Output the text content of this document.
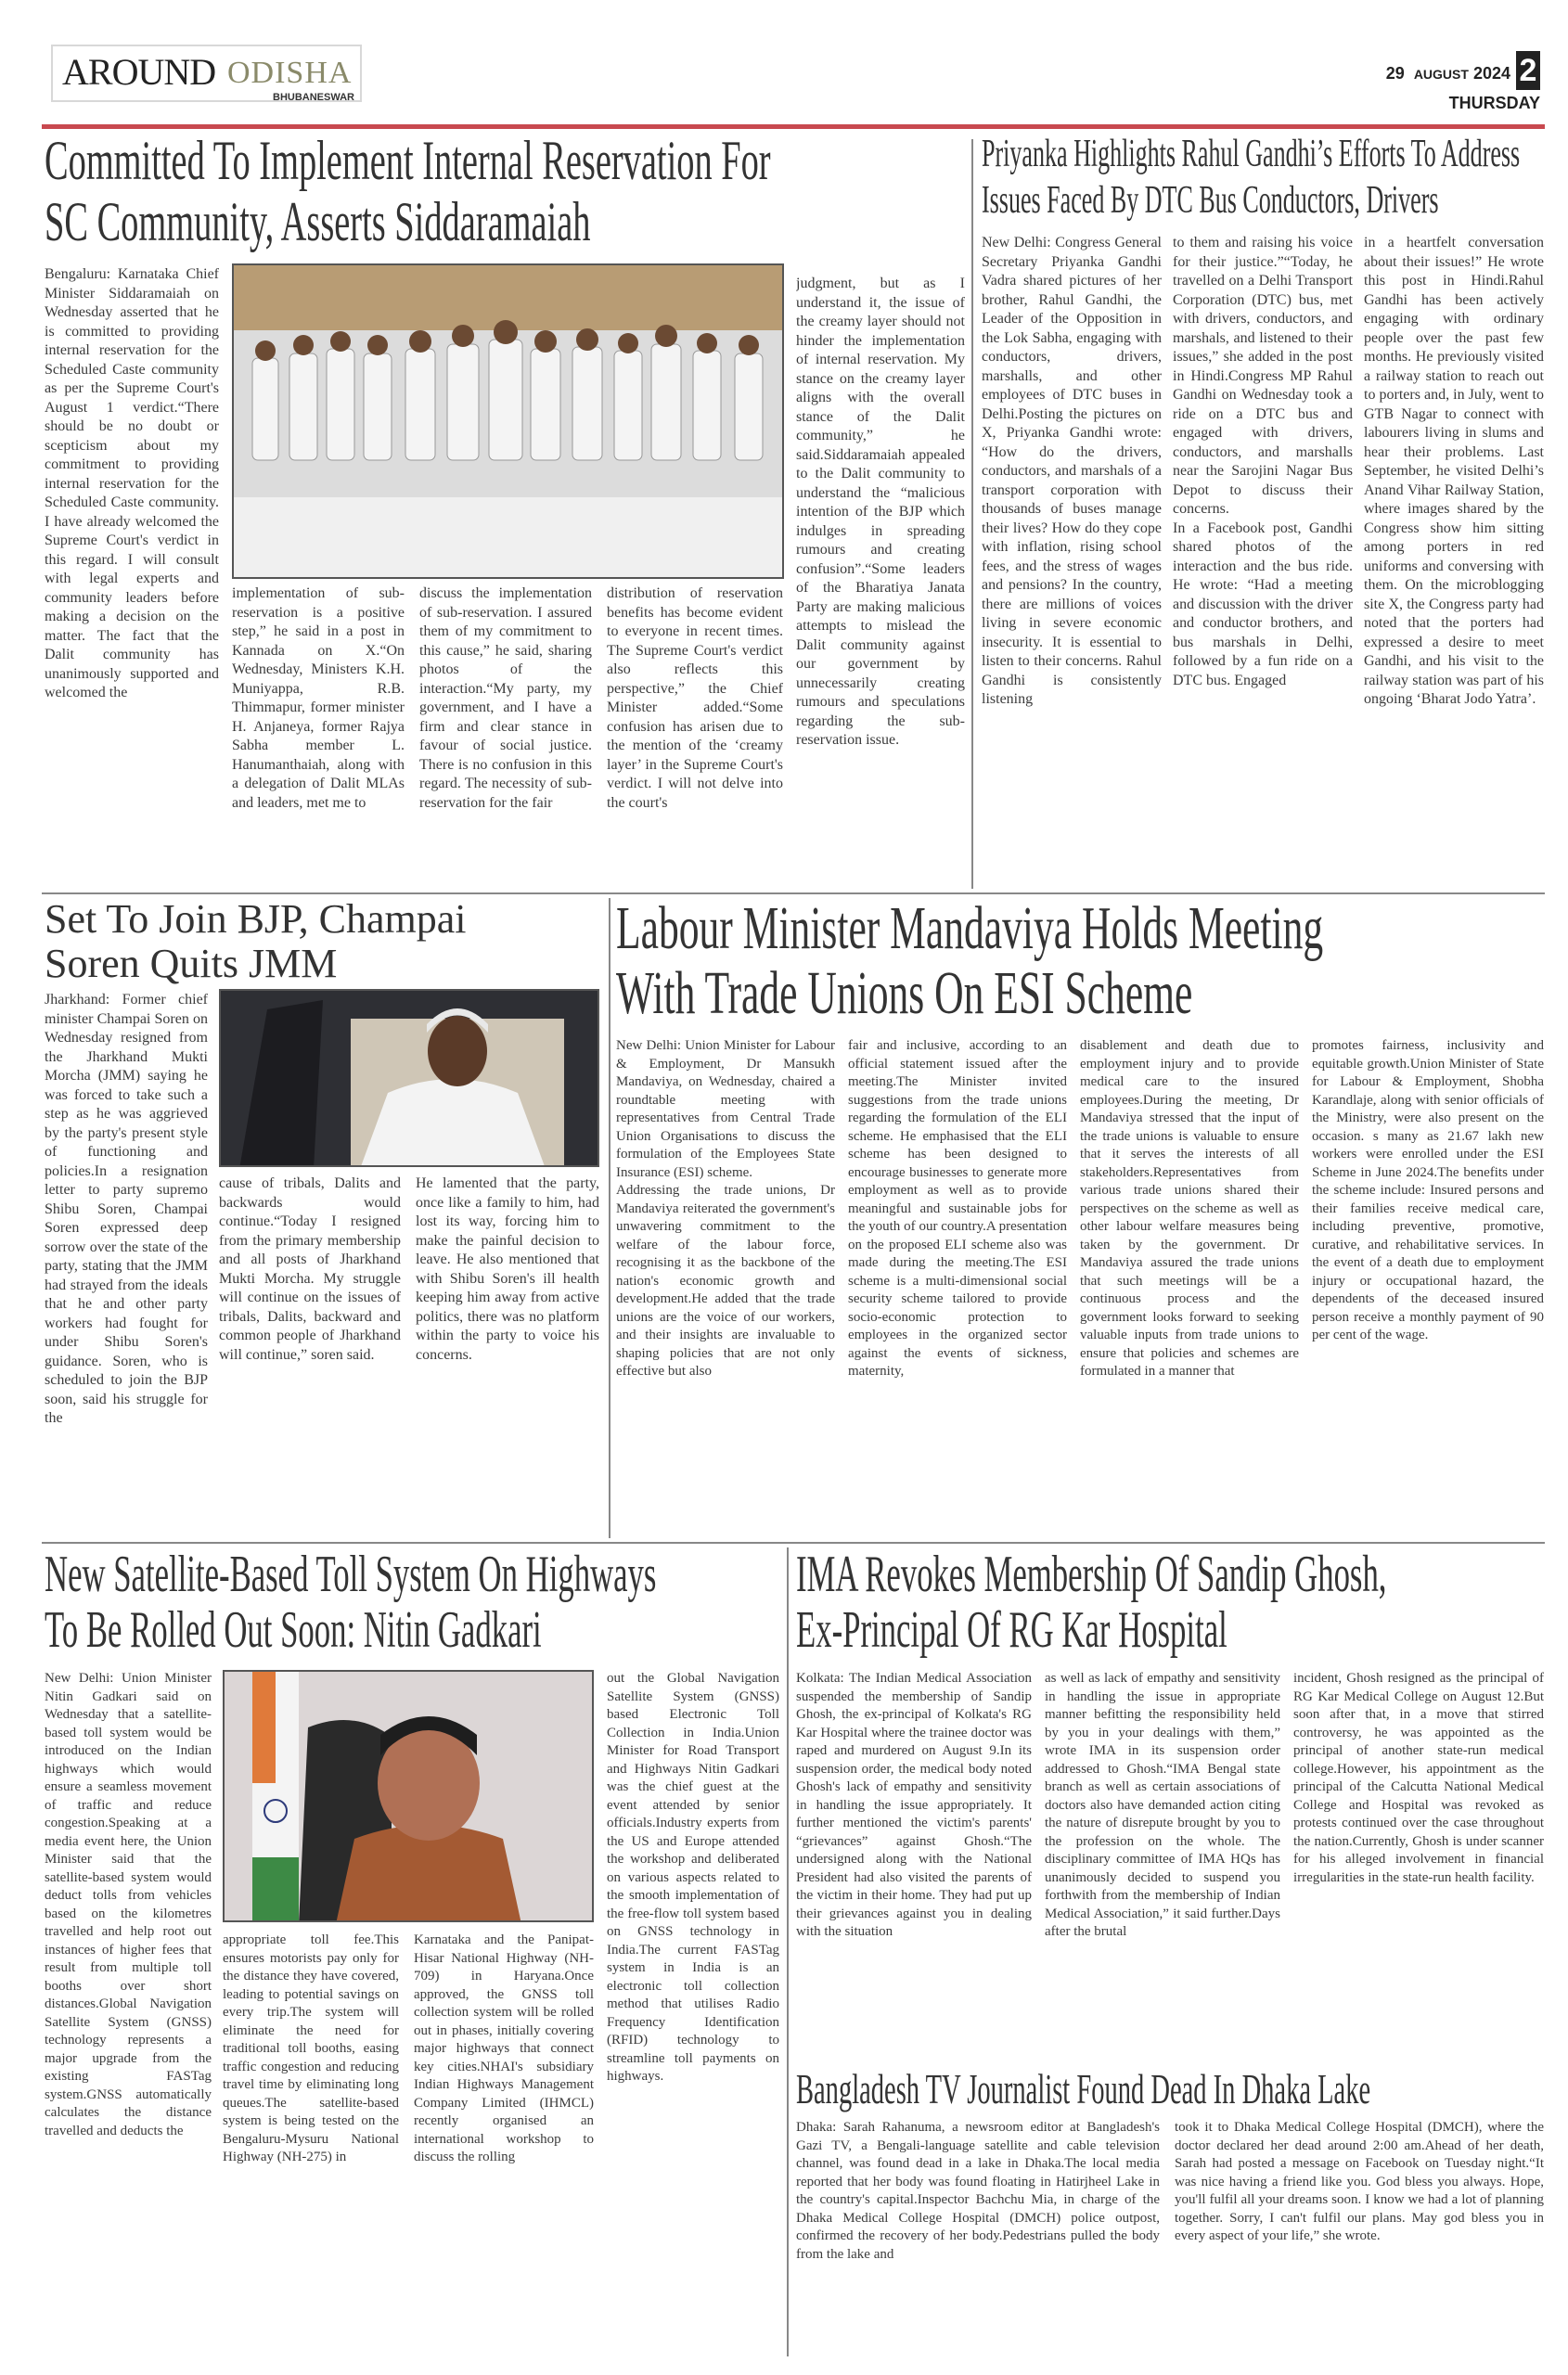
AROUND ODISHA
BHUBANESWAR
29 AUGUST 2024 2
THURSDAY
Committed To Implement Internal Reservation For
SC Community, Asserts Siddaramaiah
Bengaluru: Karnataka Chief Minister Siddaramaiah on Wednesday asserted that he is committed to providing internal reservation for the Scheduled Caste community as per the Supreme Court's August 1 verdict.“There should be no doubt or scepticism about my commitment to providing internal reservation for the Scheduled Caste community. I have already welcomed the Supreme Court's verdict in this regard. I will consult with legal experts and community leaders before making a decision on the matter. The fact that the Dalit community has unanimously supported and welcomed the
implementation of sub-reservation is a positive step,” he said in a post in Kannada on X.“On Wednesday, Ministers K.H. Muniyappa, R.B. Thimmapur, former minister H. Anjaneya, former Rajya Sabha member L. Hanumanthaiah, along with a delegation of Dalit MLAs and leaders, met me to
discuss the implementation of sub-reservation. I assured them of my commitment to this cause,” he said, sharing photos of the interaction.“My party, my government, and I have a firm and clear stance in favour of social justice. There is no confusion in this regard. The necessity of sub-reservation for the fair
distribution of reservation benefits has become evident to everyone in recent times. The Supreme Court's verdict also reflects this perspective,” the Chief Minister added.“Some confusion has arisen due to the mention of the ‘creamy layer’ in the Supreme Court's verdict. I will not delve into the court's
judgment, but as I understand it, the issue of the creamy layer should not hinder the implementation of internal reservation. My stance on the creamy layer aligns with the overall stance of the Dalit community,” he said.Siddaramaiah appealed to the Dalit community to understand the “malicious intention of the BJP which indulges in spreading rumours and creating confusion”.“Some leaders of the Bharatiya Janata Party are making malicious attempts to mislead the Dalit community against our government by unnecessarily creating rumours and speculations regarding the sub-reservation issue.
Priyanka Highlights Rahul Gandhi’s Efforts To Address
Issues Faced By DTC Bus Conductors, Drivers
New Delhi: Congress General Secretary Priyanka Gandhi Vadra shared pictures of her brother, Rahul Gandhi, the Leader of the Opposition in the Lok Sabha, engaging with conductors, drivers, marshalls, and other employees of DTC buses in Delhi.Posting the pictures on X, Priyanka Gandhi wrote: “How do the drivers, conductors, and marshals of a transport corporation with thousands of buses manage their lives? How do they cope with inflation, rising school fees, and the stress of wages and pensions? In the country, there are millions of voices living in severe economic insecurity. It is essential to listen to their concerns. Rahul Gandhi is consistently listening
to them and raising his voice for their justice.”“Today, he travelled on a Delhi Transport Corporation (DTC) bus, met with drivers, conductors, and marshals, and listened to their issues,” she added in the post in Hindi.Congress MP Rahul Gandhi on Wednesday took a ride on a DTC bus and engaged with drivers, conductors, and marshalls near the Sarojini Nagar Bus Depot to discuss their concerns.
In a Facebook post, Gandhi shared photos of the interaction and the bus ride. He wrote: “Had a meeting and discussion with the driver and conductor brothers, and bus marshals in Delhi, followed by a fun ride on a DTC bus. Engaged
in a heartfelt conversation about their issues!” He wrote this post in Hindi.Rahul Gandhi has been actively engaging with ordinary people over the past few months. He previously visited a railway station to reach out to porters and, in July, went to GTB Nagar to connect with labourers living in slums and hear their problems. Last September, he visited Delhi’s Anand Vihar Railway Station, where images shared by the Congress show him sitting among porters in red uniforms and conversing with them. On the microblogging site X, the Congress party had noted that the porters had expressed a desire to meet Gandhi, and his visit to the railway station was part of his ongoing ‘Bharat Jodo Yatra’.
Set To Join BJP, Champai
Soren Quits JMM
Jharkhand: Former chief minister Champai Soren on Wednesday resigned from the Jharkhand Mukti Morcha (JMM) saying he was forced to take such a step as he was aggrieved by the party's present style of functioning and policies.In a resignation letter to party supremo Shibu Soren, Champai Soren expressed deep sorrow over the state of the party, stating that the JMM had strayed from the ideals that he and other party workers had fought for under Shibu Soren's guidance. Soren, who is scheduled to join the BJP soon, said his struggle for the
cause of tribals, Dalits and backwards would continue.“Today I resigned from the primary membership and all posts of Jharkhand Mukti Morcha. My struggle will continue on the issues of tribals, Dalits, backward and common people of Jharkhand will continue,” soren said.
He lamented that the party, once like a family to him, had lost its way, forcing him to make the painful decision to leave. He also mentioned that with Shibu Soren's ill health keeping him away from active politics, there was no platform within the party to voice his concerns.
Labour Minister Mandaviya Holds Meeting
With Trade Unions On ESI Scheme
New Delhi: Union Minister for Labour & Employment, Dr Mansukh Mandaviya, on Wednesday, chaired a roundtable meeting with representatives from Central Trade Union Organisations to discuss the formulation of the Employees State Insurance (ESI) scheme.
Addressing the trade unions, Dr Mandaviya reiterated the government's unwavering commitment to the welfare of the labour force, recognising it as the backbone of the nation's economic growth and development.He added that the trade unions are the voice of our workers, and their insights are invaluable to shaping policies that are not only effective but also
fair and inclusive, according to an official statement issued after the meeting.The Minister invited suggestions from the trade unions regarding the formulation of the ELI scheme. He emphasised that the ELI scheme has been designed to encourage businesses to generate more employment as well as to provide meaningful and sustainable jobs for the youth of our country.A presentation on the proposed ELI scheme also was made during the meeting.The ESI scheme is a multi-dimensional social security scheme tailored to provide socio-economic protection to employees in the organized sector against the events of sickness, maternity,
disablement and death due to employment injury and to provide medical care to the insured employees.During the meeting, Dr Mandaviya stressed that the input of the trade unions is valuable to ensure that it serves the interests of all stakeholders.Representatives from various trade unions shared their perspectives on the scheme as well as other labour welfare measures being taken by the government. Dr Mandaviya assured the trade unions that such meetings will be a continuous process and the government looks forward to seeking valuable inputs from trade unions to ensure that policies and schemes are formulated in a manner that
promotes fairness, inclusivity and equitable growth.Union Minister of State for Labour & Employment, Shobha Karandlaje, along with senior officials of the Ministry, were also present on the occasion. s many as 21.67 lakh new workers were enrolled under the ESI Scheme in June 2024.The benefits under the scheme include: Insured persons and their families receive medical care, including preventive, promotive, curative, and rehabilitative services. In the event of a death due to employment injury or occupational hazard, the dependents of the deceased insured person receive a monthly payment of 90 per cent of the wage.
New Satellite-Based Toll System On Highways
To Be Rolled Out Soon: Nitin Gadkari
New Delhi: Union Minister Nitin Gadkari said on Wednesday that a satellite-based toll system would be introduced on the Indian highways which would ensure a seamless movement of traffic and reduce congestion.Speaking at a media event here, the Union Minister said that the satellite-based system would deduct tolls from vehicles based on the kilometres travelled and help root out instances of higher fees that result from multiple toll booths over short distances.Global Navigation Satellite System (GNSS) technology represents a major upgrade from the existing FASTag system.GNSS automatically calculates the distance travelled and deducts the
appropriate toll fee.This ensures motorists pay only for the distance they have covered, leading to potential savings on every trip.The system will eliminate the need for traditional toll booths, easing traffic congestion and reducing travel time by eliminating long queues.The satellite-based system is being tested on the Bengaluru-Mysuru National Highway (NH-275) in
Karnataka and the Panipat-Hisar National Highway (NH-709) in Haryana.Once approved, the GNSS toll collection system will be rolled out in phases, initially covering major highways that connect key cities.NHAI's subsidiary Indian Highways Management Company Limited (IHMCL) recently organised an international workshop to discuss the rolling
out the Global Navigation Satellite System (GNSS) based Electronic Toll Collection in India.Union Minister for Road Transport and Highways Nitin Gadkari was the chief guest at the event attended by senior officials.Industry experts from the US and Europe attended the workshop and deliberated on various aspects related to the smooth implementation of the free-flow toll system based on GNSS technology in India.The current FASTag system in India is an electronic toll collection method that utilises Radio Frequency Identification (RFID) technology to streamline toll payments on highways.
IMA Revokes Membership Of Sandip Ghosh,
Ex-Principal Of RG Kar Hospital
Kolkata: The Indian Medical Association suspended the membership of Sandip Ghosh, the ex-principal of Kolkata's RG Kar Hospital where the trainee doctor was raped and murdered on August 9.In its suspension order, the medical body noted Ghosh's lack of empathy and sensitivity in handling the issue appropriately. It further mentioned the victim's parents' “grievances” against Ghosh.“The undersigned along with the National President had also visited the parents of the victim in their home. They had put up their grievances against you in dealing with the situation
as well as lack of empathy and sensitivity in handling the issue in appropriate manner befitting the responsibility held by you in your dealings with them,” wrote IMA in its suspension order addressed to Ghosh.“IMA Bengal state branch as well as certain associations of doctors also have demanded action citing the nature of disrepute brought by you to the profession on the whole. The disciplinary committee of IMA HQs has unanimously decided to suspend you forthwith from the membership of Indian Medical Association,” it said further.Days after the brutal
incident, Ghosh resigned as the principal of RG Kar Medical College on August 12.But soon after that, in a move that stirred controversy, he was appointed as the principal of another state-run medical college.However, his appointment as the principal of the Calcutta National Medical College and Hospital was revoked as protests continued over the case throughout the nation.Currently, Ghosh is under scanner for his alleged involvement in financial irregularities in the state-run health facility.
Bangladesh TV Journalist Found Dead In Dhaka Lake
Dhaka: Sarah Rahanuma, a newsroom editor at Bangladesh's Gazi TV, a Bengali-language satellite and cable television channel, was found dead in a lake in Dhaka.The local media reported that her body was found floating in Hatirjheel Lake in the country's capital.Inspector Bachchu Mia, in charge of the Dhaka Medical College Hospital (DMCH) police outpost, confirmed the recovery of her body.Pedestrians pulled the body from the lake and
took it to Dhaka Medical College Hospital (DMCH), where the doctor declared her dead around 2:00 am.Ahead of her death, Sarah had posted a message on Facebook on Tuesday night.“It was nice having a friend like you. God bless you always. Hope, you'll fulfil all your dreams soon. I know we had a lot of planning together. Sorry, I can't fulfil our plans. May god bless you in every aspect of your life,” she wrote.
